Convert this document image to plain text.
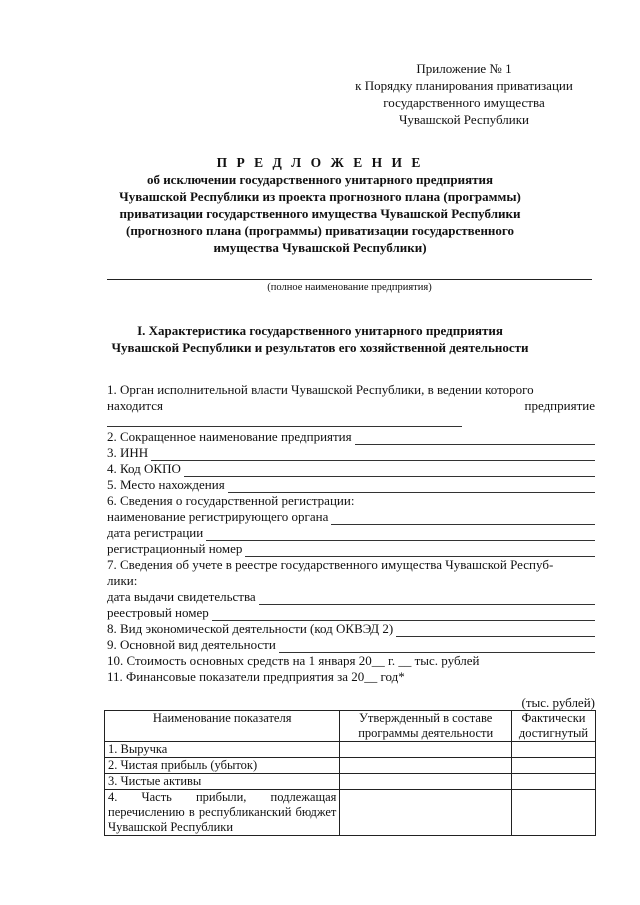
Приложение № 1
к Порядку планирования приватизации
государственного имущества
Чувашской Республики
П Р Е Д Л О Ж Е Н И Е
об исключении государственного унитарного предприятия
Чувашской Республики из проекта прогнозного плана (программы)
приватизации государственного имущества Чувашской Республики
(прогнозного плана (программы) приватизации государственного
имущества Чувашской Республики)
(полное наименование предприятия)
I. Характеристика государственного унитарного предприятия
Чувашской Республики и результатов его хозяйственной деятельности
1. Орган исполнительной власти Чувашской Республики, в ведении которого
находится	предприятие
2. Сокращенное наименование предприятия
3. ИНН
4. Код ОКПО
5. Место нахождения
6. Сведения о государственной регистрации:
наименование регистрирующего органа
дата регистрации
регистрационный номер
7. Сведения об учете в реестре государственного имущества Чувашской Респуб-
лики:
дата выдачи свидетельства
реестровый номер
8. Вид экономической деятельности (код ОКВЭД 2)
9. Основной вид деятельности
10. Стоимость основных средств на 1 января 20__ г. __ тыс. рублей
11. Финансовые показатели предприятия за 20__ год*
(тыс. рублей)
Наименование показателя	Утвержденный в составе программы деятельности	Фактически достигнутый
1. Выручка		
2. Чистая прибыль (убыток)		
3. Чистые активы		
4. Часть прибыли, подлежащая перечислению в республиканский бюджет Чувашской Республики		
